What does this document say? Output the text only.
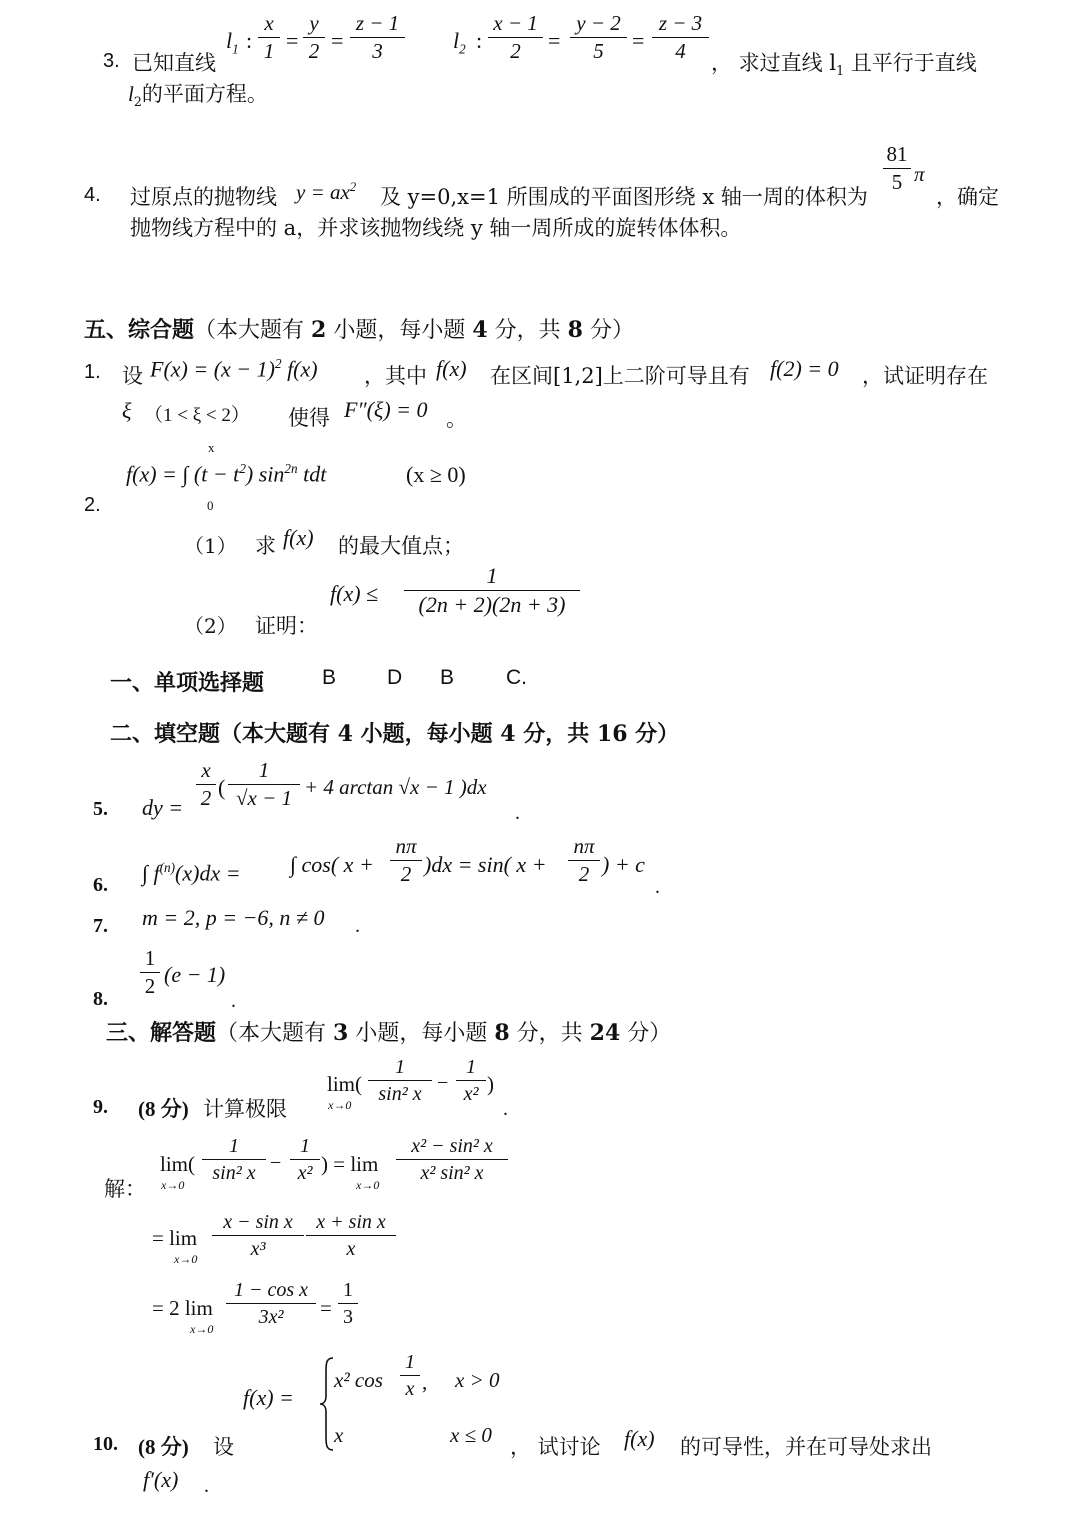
3. 已知直线
$l_1$ :
x
1 =
y
2 =
z − 1
3	$l_2$ :
x − 1
2	=
y − 2
5	=
z − 3
4	， 求过直线 $l_1$ 且平行于直线
$l_2$的平面方程。
4. 过原点的抛物线 $y = ax^2$ 及 y=0,x=1 所围成的平面图形绕 x 轴一周的体积为
81
5 π
，确定
抛物线方程中的 a，并求该抛物线绕 y 轴一周所成的旋转体体积。
五、综合题（本大题有 2 小题，每小题 4 分，共 8 分）
1. 设 $F(x) = (x - 1)^2$ f(x) ，其中 f(x) 在区间[1,2]上二阶可导且有 f(2) = 0 ，试证明存在
ξ （1 < ξ < 2） 使得 F″(ξ) = 0 。
x
f(x) = ∫ $(t - t^2)$ $\sin^{2n}$ tdt	(x ≥ 0)
0
2.
（1） 求 f(x) 的最大值点；
（2） 证明：
f(x) ≤
1
(2n + 2)(2n + 3)
一、单项选择题	B D B C.
二、填空题（本大题有 4 小题，每小题 4 分，共 16 分）
5. dy =
x
2 (
1
√x − 1 + 4 arctan √x − 1 )dx
.
6. ∫ $f^{(n)}(x)dx$ = ∫ cos( x +
nπ
2 )dx = sin( x +
nπ
2 ) + c
.
7. m = 2, p = −6, n ≠ 0 .
8.
1
2 (e − 1)
.
三、解答题（本大题有 3 小题，每小题 8 分，共 24 分）
9. (8 分) 计算极限
lim(
x→0
1
sin² x −
1
x² )
.
解：
lim(
x→0
1
sin² x −
1
x² ) = lim
x→0
x² − sin² x
x² sin² x
= lim
x→0
x − sin x
x³
x + sin x
x
= 2 lim
x→0
1 − cos x
3x²	=
1
3
f(x) =
x² cos
1
x , x > 0
x	x ≤ 0
10. (8 分) 设	， 试讨论 f(x) 的可导性，并在可导处求出
f′(x) .
